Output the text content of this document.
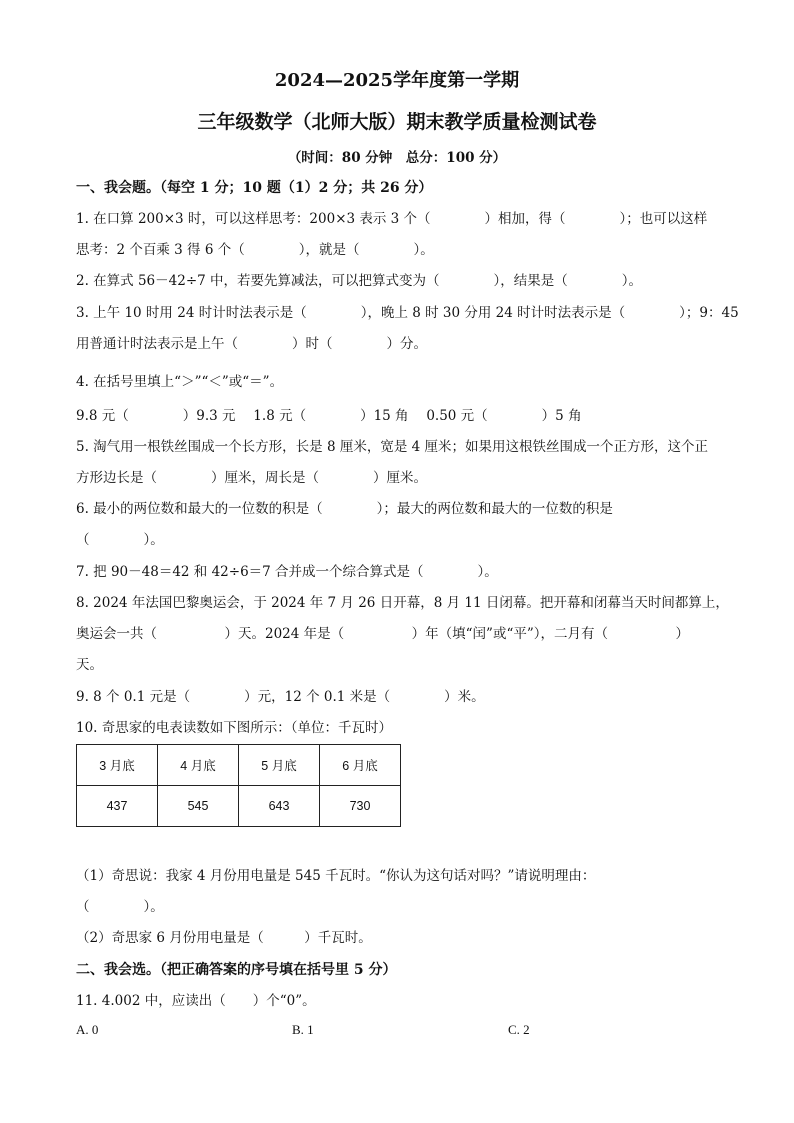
2024—2025学年度第一学期
三年级数学（北师大版）期末教学质量检测试卷
（时间：80 分钟　总分：100 分）
一、我会题。（每空 1 分；10 题（1）2 分；共 26 分）
1. 在口算 200×3 时，可以这样思考：200×3 表示 3 个（　　　　）相加，得（　　　　）；也可以这样
思考：2 个百乘 3 得 6 个（　　　　），就是（　　　　）。
2. 在算式 56－42÷7 中，若要先算减法，可以把算式变为（　　　　），结果是（　　　　）。
3. 上午 10 时用 24 时计时法表示是（　　　　），晚上 8 时 30 分用 24 时计时法表示是（　　　　）；9：45
用普通计时法表示是上午（　　　　）时（　　　　）分。
4. 在括号里填上“＞”“＜”或“＝”。
9.8 元（　　　　）9.3 元　 1.8 元（　　　　）15 角　 0.50 元（　　　　）5 角
5. 淘气用一根铁丝围成一个长方形，长是 8 厘米，宽是 4 厘米；如果用这根铁丝围成一个正方形，这个正
方形边长是（　　　　）厘米，周长是（　　　　）厘米。
6. 最小的两位数和最大的一位数的积是（　　　　）；最大的两位数和最大的一位数的积是
（　　　　）。
7. 把 90－48＝42 和 42÷6＝7 合并成一个综合算式是（　　　　）。
8. 2024 年法国巴黎奥运会，于 2024 年 7 月 26 日开幕，8 月 11 日闭幕。把开幕和闭幕当天时间都算上，
奥运会一共（　　　　　）天。2024 年是（　　　　　）年（填“闰”或“平”），二月有（　　　　　）
天。
9. 8 个 0.1 元是（　　　　）元，12 个 0.1 米是（　　　　）米。
10. 奇思家的电表读数如下图所示：（单位：千瓦时）
3 月底	4 月底	5 月底	6 月底
437	545	643	730
（1）奇思说：我家 4 月份用电量是 545 千瓦时。“你认为这句话对吗？”请说明理由：
（　　　　）。
（2）奇思家 6 月份用电量是（　　　）千瓦时。
二、我会选。（把正确答案的序号填在括号里 5 分）
11. 4.002 中，应读出（　　）个“0”。
A. 0	B. 1	C. 2
